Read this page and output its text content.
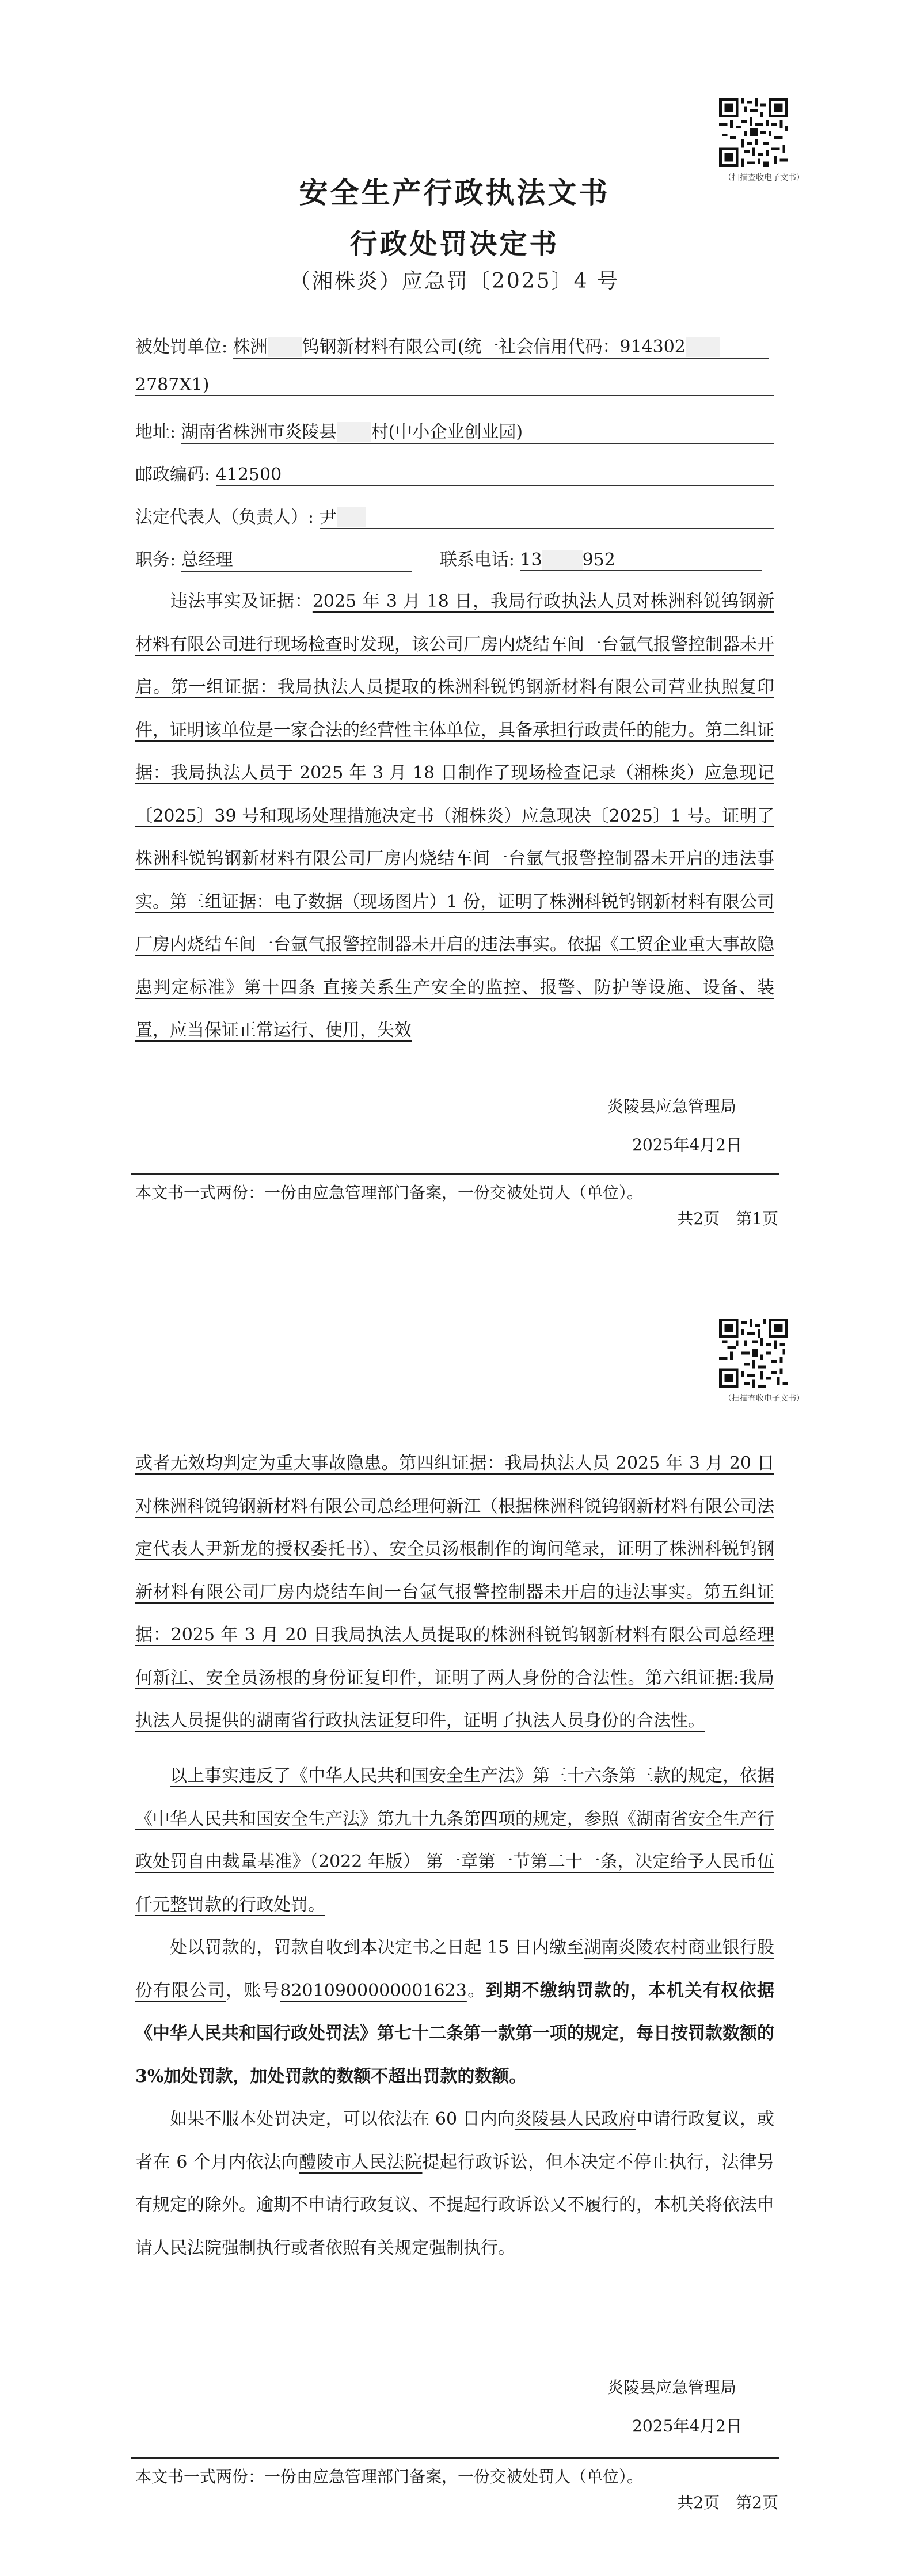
（扫描查收电子文书）
安全生产行政执法文书
行政处罚决定书
（湘株炎）应急罚〔2025〕4 号
被处罚单位: 株洲 钨钢新材料有限公司(统一社会信用代码：914302
2787X1)
地址: 湖南省株洲市炎陵县 村(中小企业创业园)
邮政编码: 412500
法定代表人（负责人）: 尹
职务: 总经理	联系电话: 13 952
违法事实及证据：2025 年 3 月 18 日，我局行政执法人员对株洲科锐钨钢新材料有限公司进行现场检查时发现，该公司厂房内烧结车间一台氩气报警控制器未开启。第一组证据：我局执法人员提取的株洲科锐钨钢新材料有限公司营业执照复印件，证明该单位是一家合法的经营性主体单位，具备承担行政责任的能力。第二组证据：我局执法人员于 2025 年 3 月 18 日制作了现场检查记录（湘株炎）应急现记〔2025〕39 号和现场处理措施决定书（湘株炎）应急现决〔2025〕1 号。证明了株洲科锐钨钢新材料有限公司厂房内烧结车间一台氩气报警控制器未开启的违法事实。第三组证据：电子数据（现场图片）1 份，证明了株洲科锐钨钢新材料有限公司厂房内烧结车间一台氩气报警控制器未开启的违法事实。依据《工贸企业重大事故隐患判定标准》第十四条 直接关系生产安全的监控、报警、防护等设施、设备、装置，应当保证正常运行、使用，失效
炎陵县应急管理局
2025年4月2日
本文书一式两份：一份由应急管理部门备案，一份交被处罚人（单位）。
共2页　第1页
（扫描查收电子文书）
或者无效均判定为重大事故隐患。第四组证据：我局执法人员 2025 年 3 月 20 日对株洲科锐钨钢新材料有限公司总经理何新江（根据株洲科锐钨钢新材料有限公司法定代表人尹新龙的授权委托书）、安全员汤根制作的询问笔录，证明了株洲科锐钨钢新材料有限公司厂房内烧结车间一台氩气报警控制器未开启的违法事实。第五组证据：2025 年 3 月 20 日我局执法人员提取的株洲科锐钨钢新材料有限公司总经理何新江、安全员汤根的身份证复印件，证明了两人身份的合法性。第六组证据:我局执法人员提供的湖南省行政执法证复印件，证明了执法人员身份的合法性。
以上事实违反了《中华人民共和国安全生产法》第三十六条第三款的规定，依据《中华人民共和国安全生产法》第九十九条第四项的规定，参照《湖南省安全生产行政处罚自由裁量基准》（2022 年版） 第一章第一节第二十一条，决定给予人民币伍仟元整罚款的行政处罚。
处以罚款的，罚款自收到本决定书之日起 15 日内缴至湖南炎陵农村商业银行股份有限公司，账号82010900000001623。到期不缴纳罚款的，本机关有权依据《中华人民共和国行政处罚法》第七十二条第一款第一项的规定，每日按罚款数额的 3%加处罚款，加处罚款的数额不超出罚款的数额。
如果不服本处罚决定，可以依法在 60 日内向炎陵县人民政府申请行政复议，或者在 6 个月内依法向醴陵市人民法院提起行政诉讼，但本决定不停止执行，法律另有规定的除外。逾期不申请行政复议、不提起行政诉讼又不履行的，本机关将依法申请人民法院强制执行或者依照有关规定强制执行。
炎陵县应急管理局
2025年4月2日
本文书一式两份：一份由应急管理部门备案，一份交被处罚人（单位）。
共2页　第2页
